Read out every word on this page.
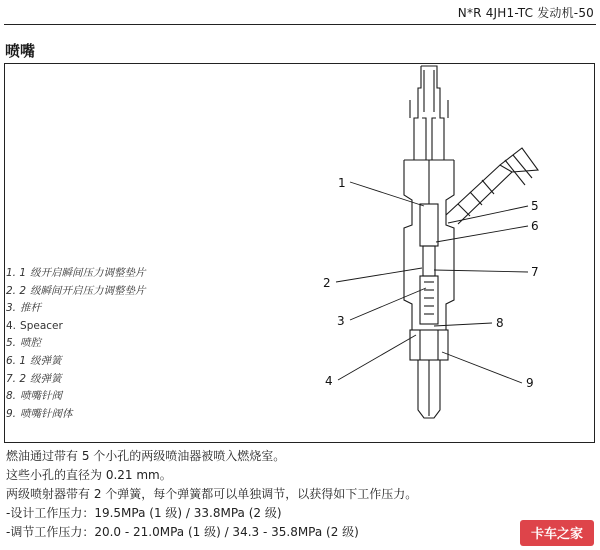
N*R 4JH1-TC 发动机-50
喷嘴
1. 1 级开启瞬间压力调整垫片
2. 2 级瞬间开启压力调整垫片
3. 推杆
4. Speacer
5. 喷腔
6. 1 级弹簧
7. 2 级弹簧
8. 喷嘴针阀
9. 喷嘴针阀体
1
2
3
4
5
6
7
8
9
燃油通过带有 5 个小孔的两级喷油器被喷入燃烧室。
这些小孔的直径为 0.21 mm。
两级喷射器带有 2 个弹簧，每个弹簧都可以单独调节，以获得如下工作压力。
-设计工作压力：19.5MPa (1 级) / 33.8MPa (2 级)
-调节工作压力：20.0 - 21.0MPa (1 级) / 34.3 - 35.8MPa (2 级)	卡车之家
